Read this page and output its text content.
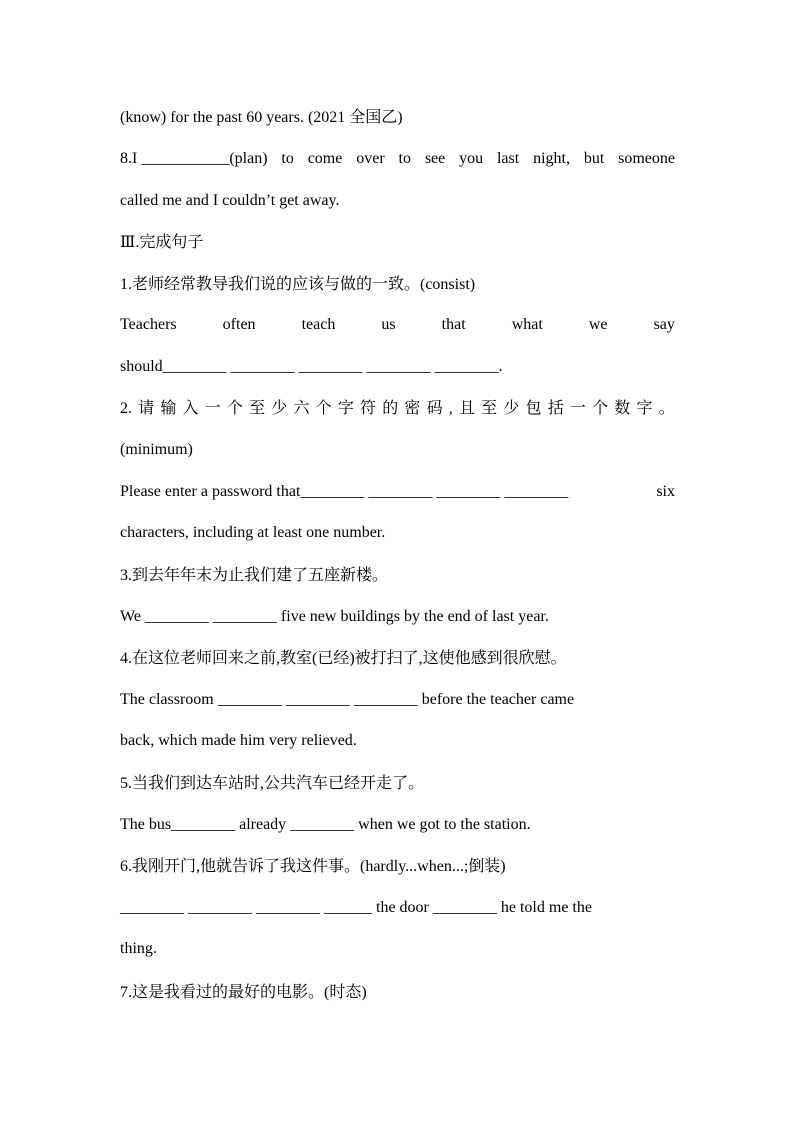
(know) for the past 60 years. (2021 全国乙)
8.I ___________(plan) to come over to see you last night, but someone
called me and I couldn’t get away.
Ⅲ.完成句子
1.老师经常教导我们说的应该与做的一致。(consist)
Teachers	often	teach	us	that	what	we	say
should________ ________ ________ ________ ________.
2. 请 输 入 一 个 至 少 六 个 字 符 的 密 码 , 且 至 少 包 括 一 个 数 字 。
(minimum)
Please enter a password that________ ________ ________ ________	six
characters, including at least one number.
3.到去年年末为止我们建了五座新楼。
We ________ ________ five new buildings by the end of last year.
4.在这位老师回来之前,教室(已经)被打扫了,这使他感到很欣慰。
The classroom ________ ________ ________ before the teacher came
back, which made him very relieved.
5.当我们到达车站时,公共汽车已经开走了。
The bus________ already ________ when we got to the station.
6.我刚开门,他就告诉了我这件事。(hardly...when...;倒装)
________ ________ ________ ______ the door ________ he told me the
thing.
7.这是我看过的最好的电影。(时态)
